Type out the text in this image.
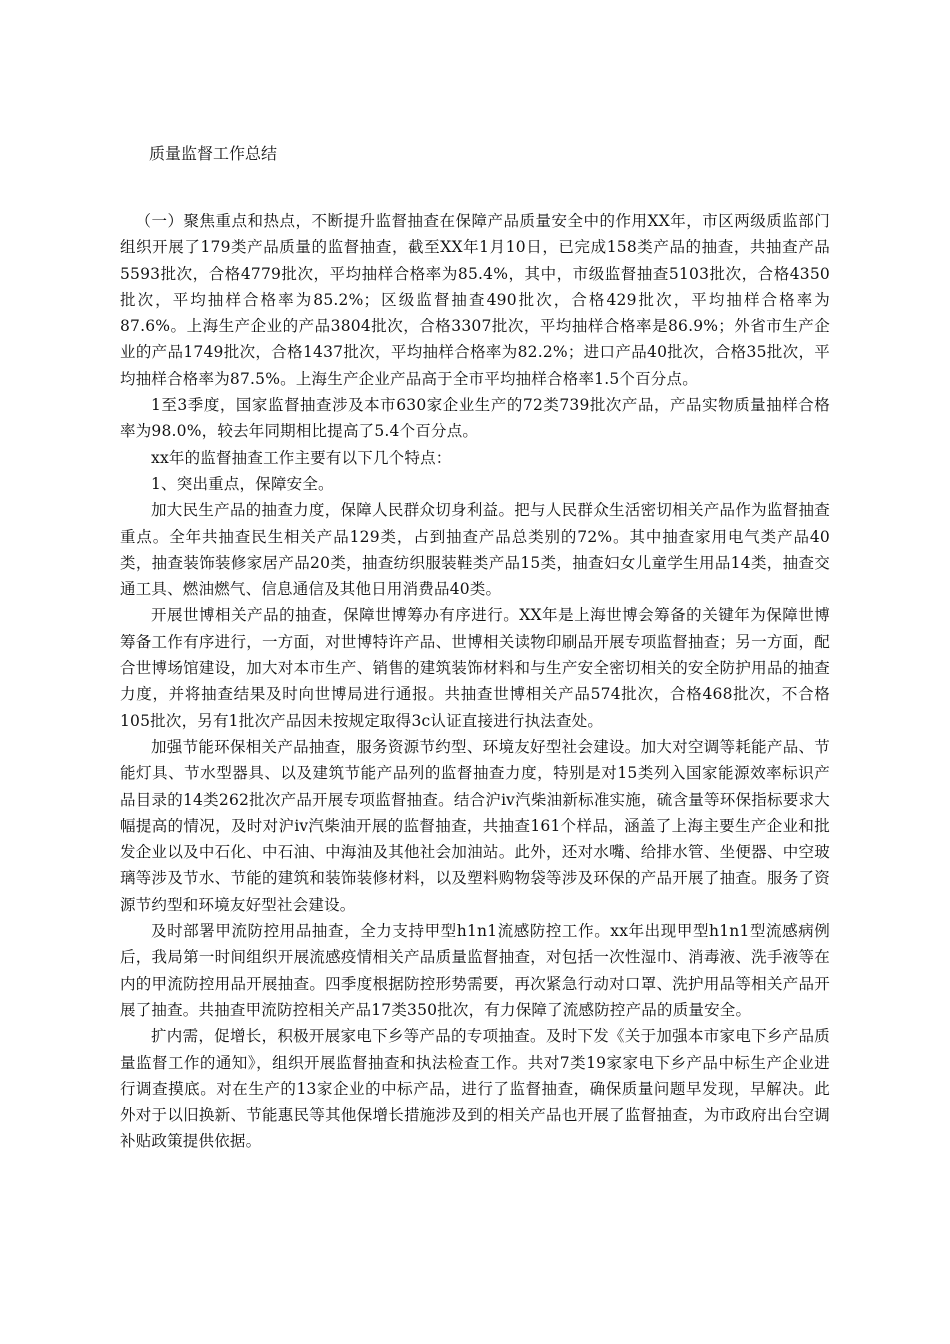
质量监督工作总结

（一）聚焦重点和热点，不断提升监督抽查在保障产品质量安全中的作用XX年，市区两级质监部门组织开展了179类产品质量的监督抽查，截至XX年1月10日，已完成158类产品的抽查，共抽查产品5593批次，合格4779批次，平均抽样合格率为85.4%，其中，市级监督抽查5103批次，合格4350批次，平均抽样合格率为85.2%；区级监督抽查490批次，合格429批次，平均抽样合格率为87.6%。上海生产企业的产品3804批次，合格3307批次，平均抽样合格率是86.9%；外省市生产企业的产品1749批次，合格1437批次，平均抽样合格率为82.2%；进口产品40批次，合格35批次，平均抽样合格率为87.5%。上海生产企业产品高于全市平均抽样合格率1.5个百分点。

1至3季度，国家监督抽查涉及本市630家企业生产的72类739批次产品，产品实物质量抽样合格率为98.0%，较去年同期相比提高了5.4个百分点。

xx年的监督抽查工作主要有以下几个特点：

1、突出重点，保障安全。

加大民生产品的抽查力度，保障人民群众切身利益。把与人民群众生活密切相关产品作为监督抽查重点。全年共抽查民生相关产品129类，占到抽查产品总类别的72%。其中抽查家用电气类产品40类，抽查装饰装修家居产品20类，抽查纺织服装鞋类产品15类，抽查妇女儿童学生用品14类，抽查交通工具、燃油燃气、信息通信及其他日用消费品40类。

开展世博相关产品的抽查，保障世博筹办有序进行。XX年是上海世博会筹备的关键年为保障世博筹备工作有序进行，一方面，对世博特许产品、世博相关读物印刷品开展专项监督抽查；另一方面，配合世博场馆建设，加大对本市生产、销售的建筑装饰材料和与生产安全密切相关的安全防护用品的抽查力度，并将抽查结果及时向世博局进行通报。共抽查世博相关产品574批次，合格468批次，不合格105批次，另有1批次产品因未按规定取得3c认证直接进行执法查处。

加强节能环保相关产品抽查，服务资源节约型、环境友好型社会建设。加大对空调等耗能产品、节能灯具、节水型器具、以及建筑节能产品列的监督抽查力度，特别是对15类列入国家能源效率标识产品目录的14类262批次产品开展专项监督抽查。结合沪ⅳ汽柴油新标准实施，硫含量等环保指标要求大幅提高的情况，及时对沪ⅳ汽柴油开展的监督抽查，共抽查161个样品，涵盖了上海主要生产企业和批发企业以及中石化、中石油、中海油及其他社会加油站。此外，还对水嘴、给排水管、坐便器、中空玻璃等涉及节水、节能的建筑和装饰装修材料，以及塑料购物袋等涉及环保的产品开展了抽查。服务了资源节约型和环境友好型社会建设。

及时部署甲流防控用品抽查，全力支持甲型h1n1流感防控工作。xx年出现甲型h1n1型流感病例后，我局第一时间组织开展流感疫情相关产品质量监督抽查，对包括一次性湿巾、消毒液、洗手液等在内的甲流防控用品开展抽查。四季度根据防控形势需要，再次紧急行动对口罩、洗护用品等相关产品开展了抽查。共抽查甲流防控相关产品17类350批次，有力保障了流感防控产品的质量安全。

扩内需，促增长，积极开展家电下乡等产品的专项抽查。及时下发《关于加强本市家电下乡产品质量监督工作的通知》，组织开展监督抽查和执法检查工作。共对7类19家家电下乡产品中标生产企业进行调查摸底。对在生产的13家企业的中标产品，进行了监督抽查，确保质量问题早发现，早解决。此外对于以旧换新、节能惠民等其他保增长措施涉及到的相关产品也开展了监督抽查，为市政府出台空调补贴政策提供依据。
